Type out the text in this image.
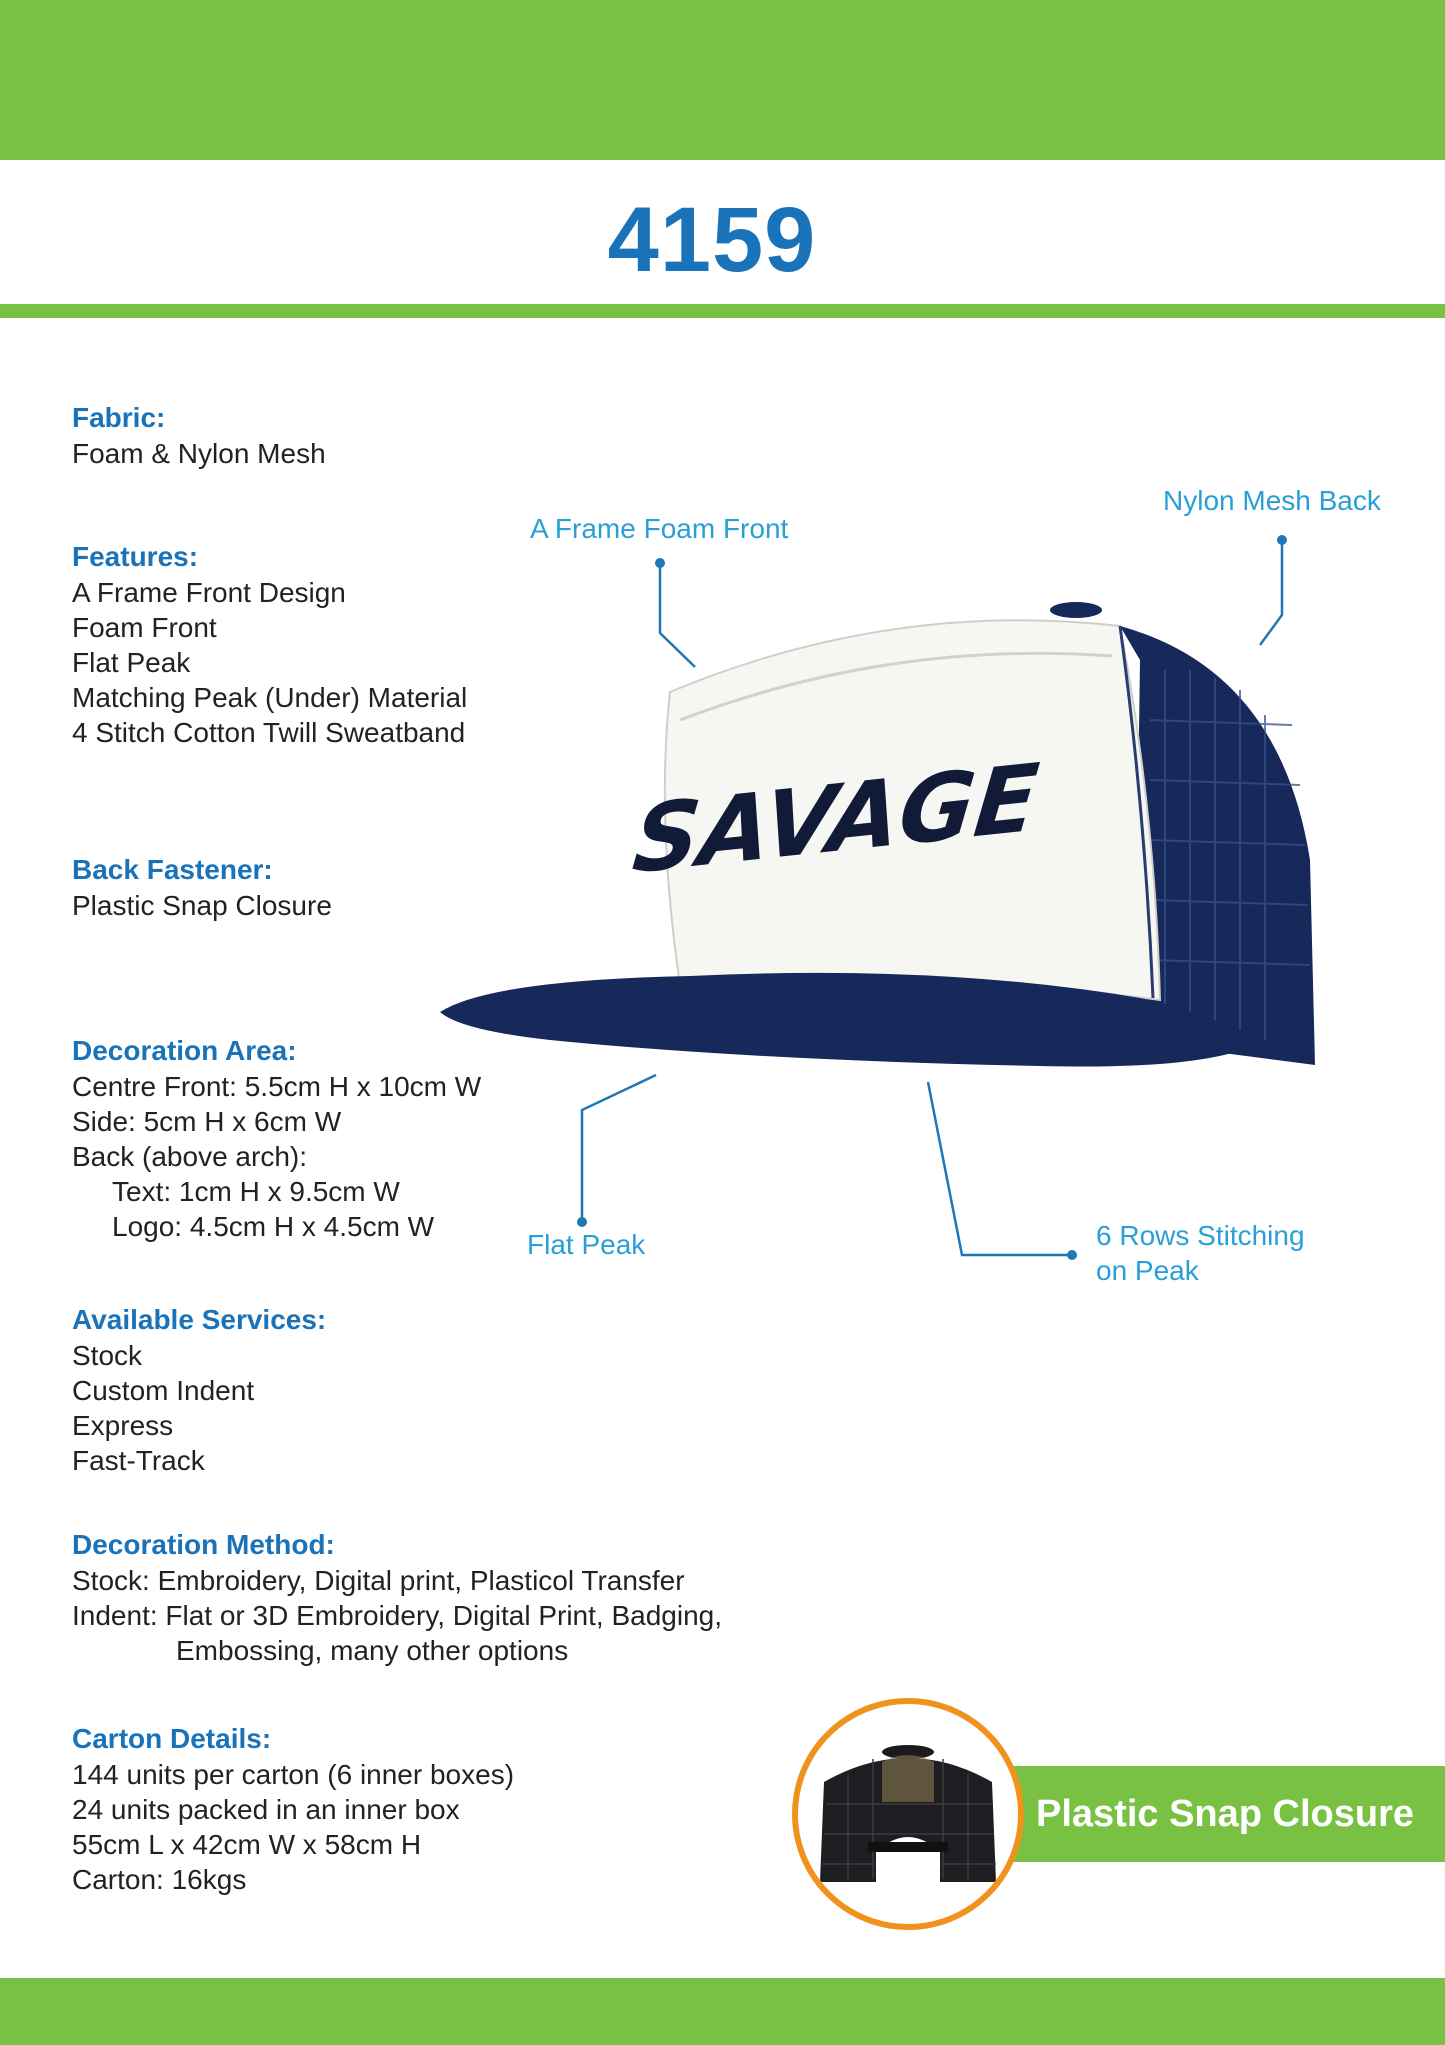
4159
Fabric:
Foam & Nylon Mesh
Features:
A Frame Front Design
Foam Front
Flat Peak
Matching Peak (Under) Material
4 Stitch Cotton Twill Sweatband
Back Fastener:
Plastic Snap Closure
Decoration Area:
Centre Front: 5.5cm H x 10cm W
Side: 5cm H x 6cm W
Back (above arch):
Text: 1cm H x 9.5cm W
Logo: 4.5cm H x 4.5cm W
Available Services:
Stock
Custom Indent
Express
Fast-Track
Decoration Method:
Stock: Embroidery, Digital print, Plasticol Transfer
Indent: Flat or 3D Embroidery, Digital Print, Badging,
Embossing, many other options
Carton Details:
144 units per carton (6 inner boxes)
24 units packed in an inner box
55cm L x 42cm W x 58cm H
Carton: 16kgs
SAVAGE
A Frame Foam Front
Nylon Mesh Back
Flat Peak	6 Rows Stitching
on Peak
Plastic Snap Closure
